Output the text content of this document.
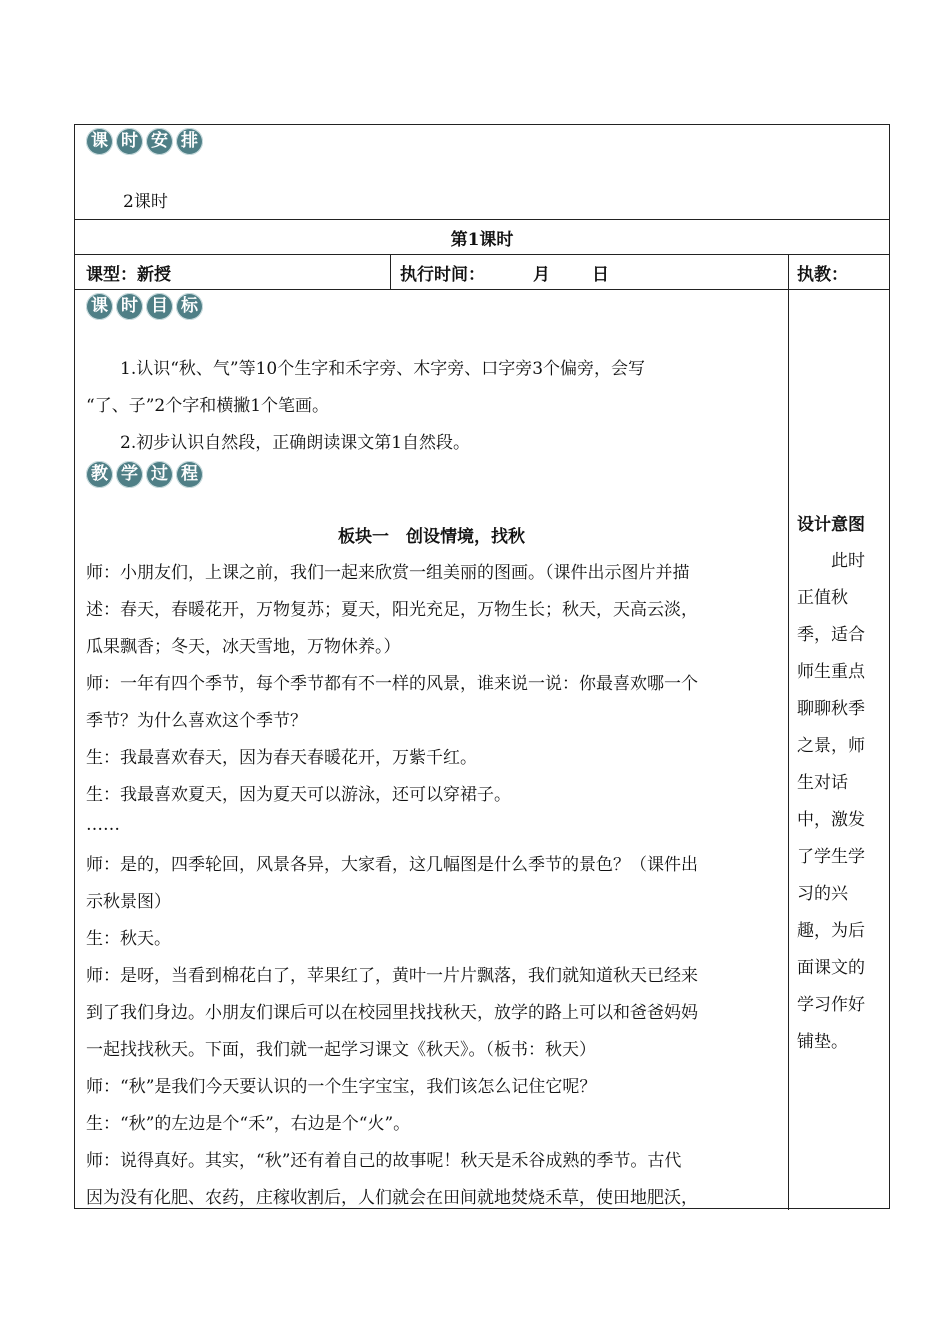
课 时 安 排
2课时
第1课时
课型：新授	执行时间：	月 日	执教：
课 时 目 标
1.认识“秋、气”等10个生字和禾字旁、木字旁、口字旁3个偏旁，会写
“了、子”2个字和横撇1个笔画。
2.初步认识自然段，正确朗读课文第1自然段。
教 学 过 程
板块一　创设情境，找秋
师：小朋友们，上课之前，我们一起来欣赏一组美丽的图画。（课件出示图片并描
述：春天，春暖花开，万物复苏；夏天，阳光充足，万物生长；秋天，天高云淡，
瓜果飘香；冬天，冰天雪地，万物休养。）
师：一年有四个季节，每个季节都有不一样的风景，谁来说一说：你最喜欢哪一个
季节？为什么喜欢这个季节？
生：我最喜欢春天，因为春天春暖花开，万紫千红。
生：我最喜欢夏天，因为夏天可以游泳，还可以穿裙子。
……
师：是的，四季轮回，风景各异，大家看，这几幅图是什么季节的景色？（课件出
示秋景图）
生：秋天。
师：是呀，当看到棉花白了，苹果红了，黄叶一片片飘落，我们就知道秋天已经来
到了我们身边。小朋友们课后可以在校园里找找秋天，放学的路上可以和爸爸妈妈
一起找找秋天。下面，我们就一起学习课文《秋天》。（板书：秋天）
师：“秋”是我们今天要认识的一个生字宝宝，我们该怎么记住它呢？
生：“秋”的左边是个“禾”，右边是个“火”。
师：说得真好。其实，“秋”还有着自己的故事呢！秋天是禾谷成熟的季节。古代
因为没有化肥、农药，庄稼收割后，人们就会在田间就地焚烧禾草，使田地肥沃，
设计意图
此时
正值秋
季，适合
师生重点
聊聊秋季
之景，师
生对话
中，激发
了学生学
习的兴
趣，为后
面课文的
学习作好
铺垫。
